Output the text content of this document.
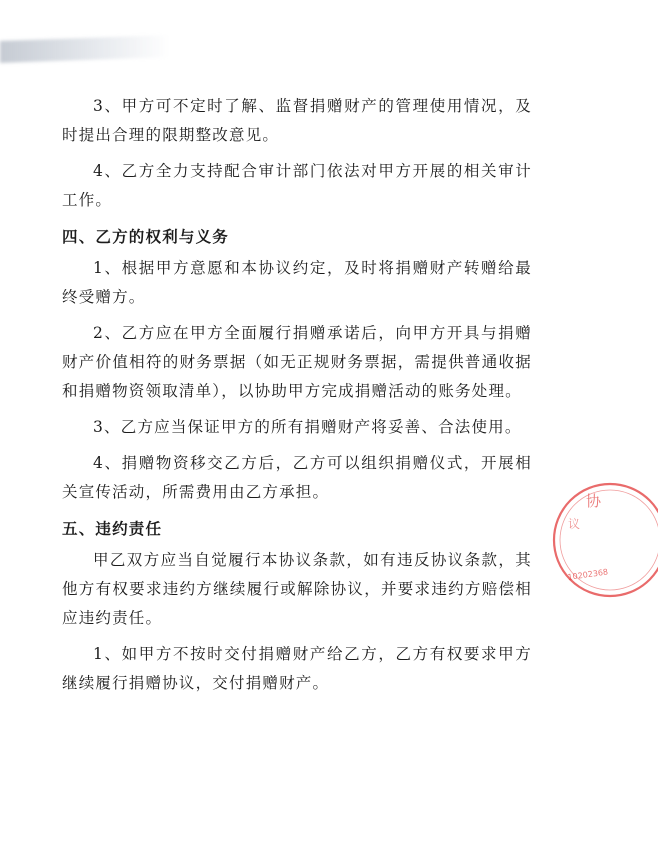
3、甲方可不定时了解、监督捐赠财产的管理使用情况，及时提出合理的限期整改意见。

4、乙方全力支持配合审计部门依法对甲方开展的相关审计工作。

四、乙方的权利与义务

1、根据甲方意愿和本协议约定，及时将捐赠财产转赠给最终受赠方。

2、乙方应在甲方全面履行捐赠承诺后，向甲方开具与捐赠财产价值相符的财务票据（如无正规财务票据，需提供普通收据和捐赠物资领取清单），以协助甲方完成捐赠活动的账务处理。

3、乙方应当保证甲方的所有捐赠财产将妥善、合法使用。

4、捐赠物资移交乙方后，乙方可以组织捐赠仪式，开展相关宣传活动，所需费用由乙方承担。

五、违约责任

甲乙双方应当自觉履行本协议条款，如有违反协议条款，其他方有权要求违约方继续履行或解除协议，并要求违约方赔偿相应违约责任。

1、如甲方不按时交付捐赠财产给乙方，乙方有权要求甲方继续履行捐赠协议，交付捐赠财产。

协
议
10202368
